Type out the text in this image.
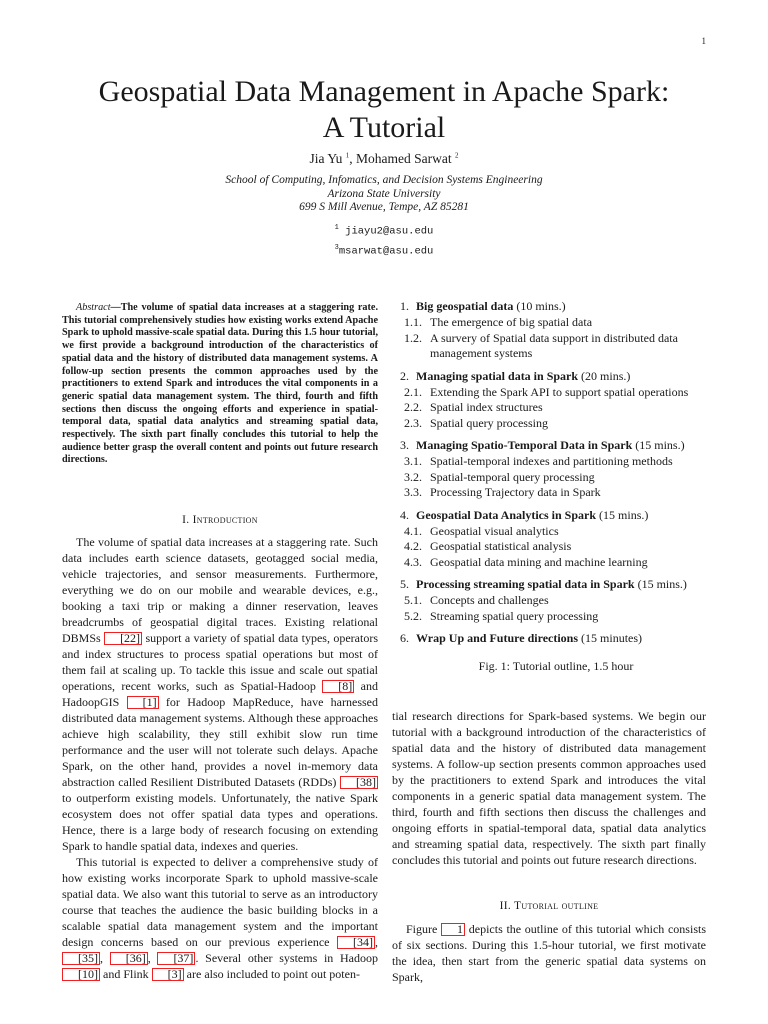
1
Geospatial Data Management in Apache Spark:
A Tutorial
Jia Yu $^1$, Mohamed Sarwat $^2$
School of Computing, Infomatics, and Decision Systems Engineering
Arizona State University
699 S Mill Avenue, Tempe, AZ 85281
$^1$ jiayu2@asu.edu
$^3$msarwat@asu.edu
Abstract—The volume of spatial data increases at a staggering rate. This tutorial comprehensively studies how existing works extend Apache Spark to uphold massive-scale spatial data. During this 1.5 hour tutorial, we first provide a background introduction of the characteristics of spatial data and the history of distributed data management systems. A follow-up section presents the common approaches used by the practitioners to extend Spark and introduces the vital components in a generic spatial data management system. The third, fourth and fifth sections then discuss the ongoing efforts and experience in spatial-temporal data, spatial data analytics and streaming spatial data, respectively. The sixth part finally concludes this tutorial to help the audience better grasp the overall content and points out future research directions.
I. Introduction

The volume of spatial data increases at a staggering rate. Such data includes earth science datasets, geotagged social media, vehicle trajectories, and sensor measurements. Furthermore, everything we do on our mobile and wearable devices, e.g., booking a taxi trip or making a dinner reservation, leaves breadcrumbs of geospatial digital traces. Existing relational DBMSs [22] support a variety of spatial data types, operators and index structures to process spatial operations but most of them fail at scaling up. To tackle this issue and scale out spatial operations, recent works, such as Spatial-Hadoop [8] and HadoopGIS [1] for Hadoop MapReduce, have harnessed distributed data management systems. Although these approaches achieve high scalability, they still exhibit slow run time performance and the user will not tolerate such delays. Apache Spark, on the other hand, provides a novel in-memory data abstraction called Resilient Distributed Datasets (RDDs) [38] to outperform existing models. Unfortunately, the native Spark ecosystem does not offer spatial data types and operations. Hence, there is a large body of research focusing on extending Spark to handle spatial data, indexes and queries.

This tutorial is expected to deliver a comprehensive study of how existing works incorporate Spark to uphold massive-scale spatial data. We also want this tutorial to serve as an introductory course that teaches the audience the basic building blocks in a scalable spatial data management system and the important design concerns based on our previous experience [34] , [35] , [36] , [37] . Several other systems in Hadoop [10] and Flink [3] are also included to point out poten-

1. Big geospatial data (10 mins.)
1.1. The emergence of big spatial data
1.2. A survery of Spatial data support in distributed data management systems
2. Managing spatial data in Spark (20 mins.)
2.1. Extending the Spark API to support spatial operations
2.2. Spatial index structures
2.3. Spatial query processing
3. Managing Spatio-Temporal Data in Spark (15 mins.)
3.1. Spatial-temporal indexes and partitioning methods
3.2. Spatial-temporal query processing
3.3. Processing Trajectory data in Spark
4. Geospatial Data Analytics in Spark (15 mins.)
4.1. Geospatial visual analytics
4.2. Geospatial statistical analysis
4.3. Geospatial data mining and machine learning
5. Processing streaming spatial data in Spark (15 mins.)
5.1. Concepts and challenges
5.2. Streaming spatial query processing
6. Wrap Up and Future directions (15 minutes)
Fig. 1: Tutorial outline, 1.5 hour

tial research directions for Spark-based systems. We begin our tutorial with a background introduction of the characteristics of spatial data and the history of distributed data management systems. A follow-up section presents common approaches used by the practitioners to extend Spark and introduces the vital components in a generic spatial data management system. The third, fourth and fifth sections then discuss the challenges and ongoing efforts in spatial-temporal data, spatial data analytics and streaming spatial data, respectively. The sixth part finally concludes this tutorial and points out future research directions.

II. Tutorial outline

Figure 1 depicts the outline of this tutorial which consists of six sections. During this 1.5-hour tutorial, we first motivate the idea, then start from the generic spatial data systems on Spark,
